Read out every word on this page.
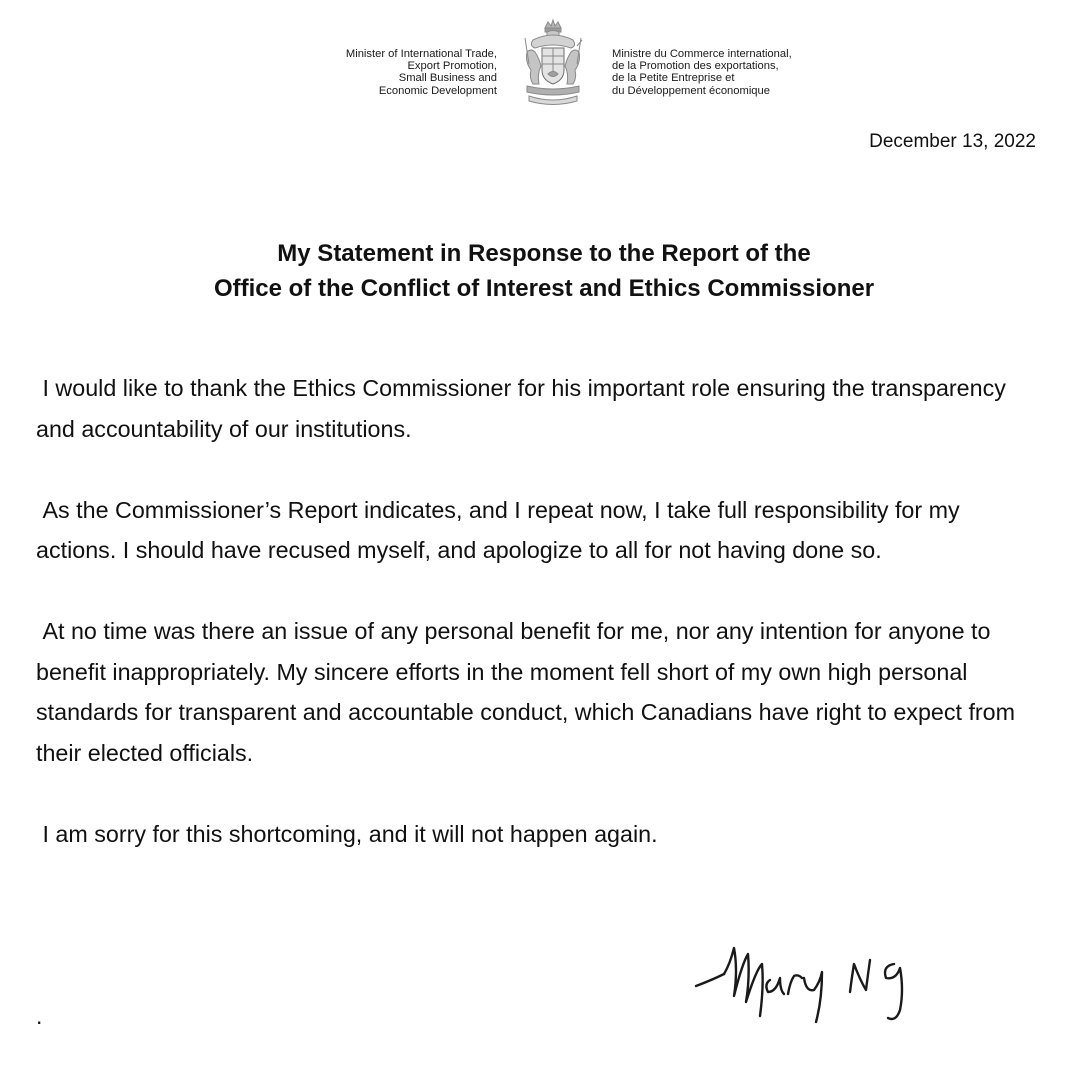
Minister of International Trade,
Export Promotion,
Small Business and
Economic Development
Ministre du Commerce international,
de la Promotion des exportations,
de la Petite Entreprise et
du Développement économique
December 13, 2022
My Statement in Response to the Report of the
Office of the Conflict of Interest and Ethics Commissioner

I would like to thank the Ethics Commissioner for his important role ensuring the transparency and accountability of our institutions.

As the Commissioner’s Report indicates, and I repeat now, I take full responsibility for my actions. I should have recused myself, and apologize to all for not having done so.

At no time was there an issue of any personal benefit for me, nor any intention for anyone to benefit inappropriately. My sincere efforts in the moment fell short of my own high personal standards for transparent and accountable conduct, which Canadians have right to expect from their elected officials.

I am sorry for this shortcoming, and it will not happen again.

.
